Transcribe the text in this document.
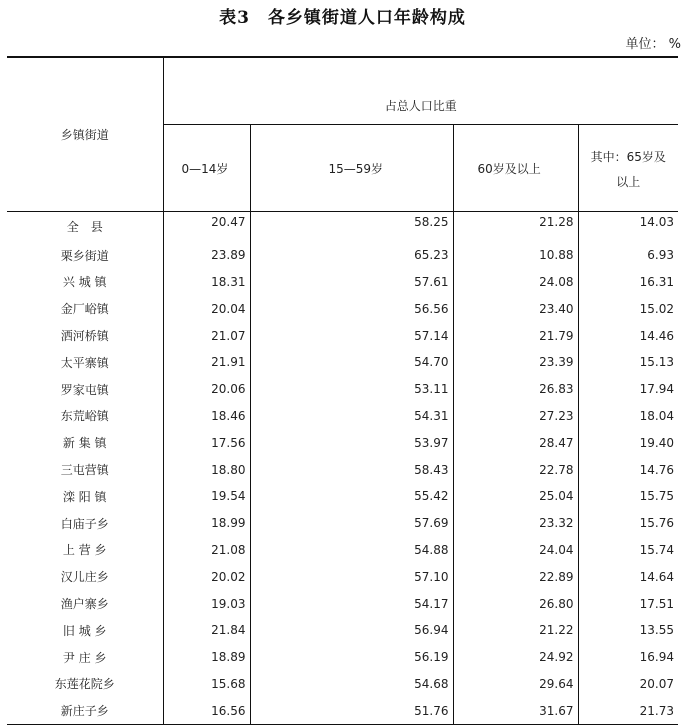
表3　各乡镇街道人口年龄构成
单位： %
乡镇街道	占总人口比重			
	0—14岁	15—59岁	60岁及以上	其中：65岁及
以上

全　县	20.47	58.25	21.28	14.03
栗乡街道	23.89	65.23	10.88	6.93
兴 城 镇	18.31	57.61	24.08	16.31
金厂峪镇	20.04	56.56	23.40	15.02
洒河桥镇	21.07	57.14	21.79	14.46
太平寨镇	21.91	54.70	23.39	15.13
罗家屯镇	20.06	53.11	26.83	17.94
东荒峪镇	18.46	54.31	27.23	18.04
新 集 镇	17.56	53.97	28.47	19.40
三屯营镇	18.80	58.43	22.78	14.76
滦 阳 镇	19.54	55.42	25.04	15.75
白庙子乡	18.99	57.69	23.32	15.76
上 营 乡	21.08	54.88	24.04	15.74
汉儿庄乡	20.02	57.10	22.89	14.64
渔户寨乡	19.03	54.17	26.80	17.51
旧 城 乡	21.84	56.94	21.22	13.55
尹 庄 乡	18.89	56.19	24.92	16.94
东莲花院乡	15.68	54.68	29.64	20.07
新庄子乡	16.56	51.76	31.67	21.73
